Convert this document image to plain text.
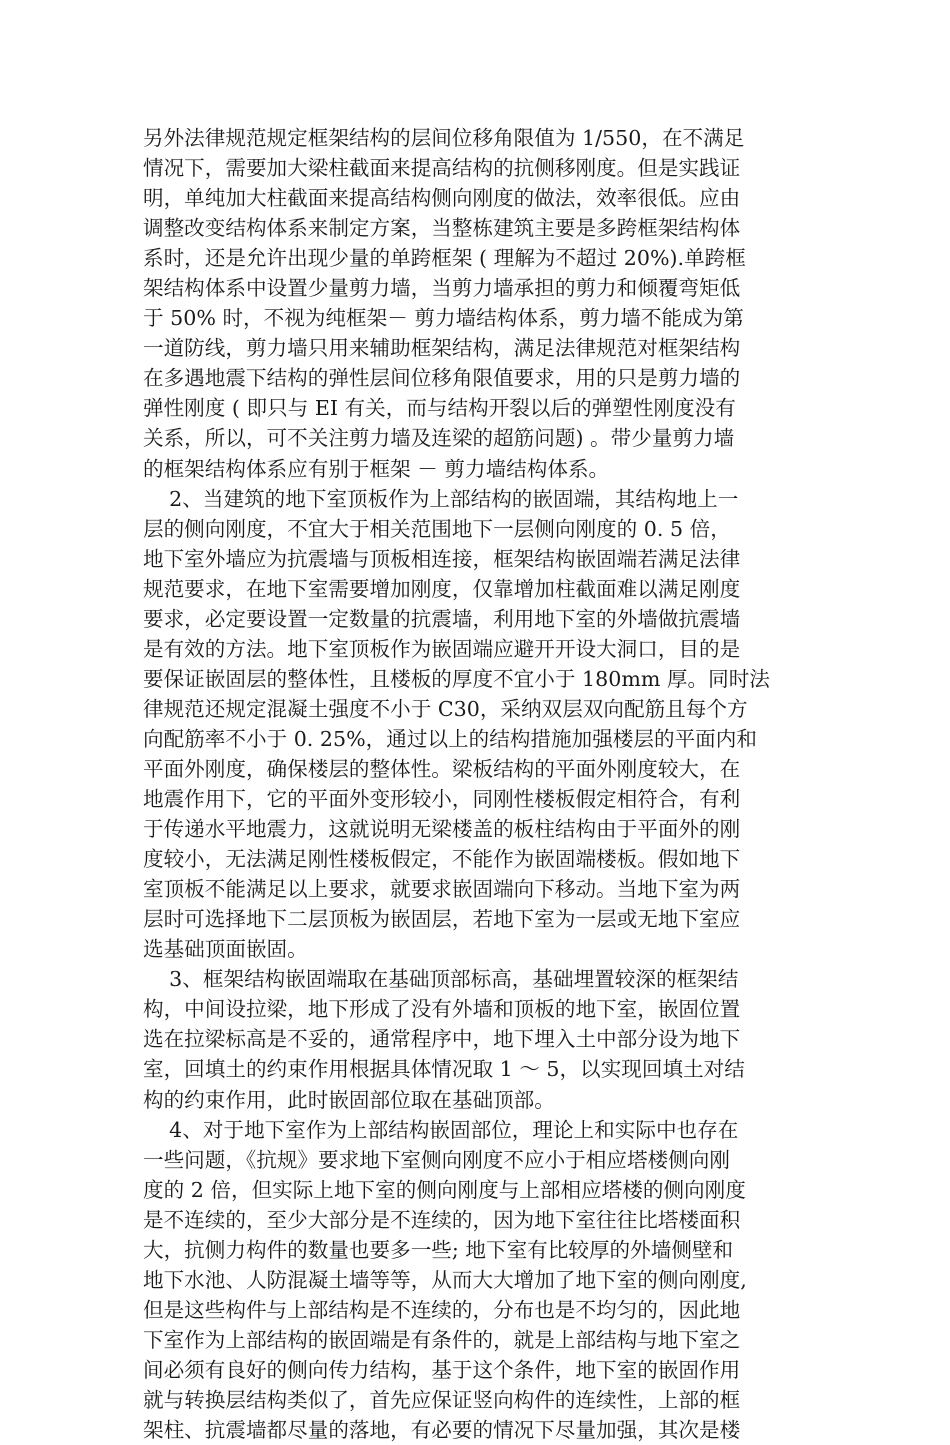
另外法律规范规定框架结构的层间位移角限值为 1/550，在不满足
情况下，需要加大梁柱截面来提高结构的抗侧移刚度。但是实践证
明，单纯加大柱截面来提高结构侧向刚度的做法，效率很低。应由
调整改变结构体系来制定方案，当整栋建筑主要是多跨框架结构体
系时，还是允许出现少量的单跨框架 ( 理解为不超过 20%).单跨框
架结构体系中设置少量剪力墙，当剪力墙承担的剪力和倾覆弯矩低
于 50% 时，不视为纯框架－ 剪力墙结构体系，剪力墙不能成为第
一道防线，剪力墙只用来辅助框架结构，满足法律规范对框架结构
在多遇地震下结构的弹性层间位移角限值要求，用的只是剪力墙的
弹性刚度 ( 即只与 EI 有关，而与结构开裂以后的弹塑性刚度没有
关系，所以，可不关注剪力墙及连梁的超筋问题) 。带少量剪力墙
的框架结构体系应有别于框架 － 剪力墙结构体系。
2、当建筑的地下室顶板作为上部结构的嵌固端，其结构地上一
层的侧向刚度，不宜大于相关范围地下一层侧向刚度的 0. 5 倍，
地下室外墙应为抗震墙与顶板相连接，框架结构嵌固端若满足法律
规范要求，在地下室需要增加刚度，仅靠增加柱截面难以满足刚度
要求，必定要设置一定数量的抗震墙，利用地下室的外墙做抗震墙
是有效的方法。地下室顶板作为嵌固端应避开开设大洞口，目的是
要保证嵌固层的整体性，且楼板的厚度不宜小于 180mm 厚。同时法
律规范还规定混凝土强度不小于 C30，采纳双层双向配筋且每个方
向配筋率不小于 0. 25%，通过以上的结构措施加强楼层的平面内和
平面外刚度，确保楼层的整体性。梁板结构的平面外刚度较大，在
地震作用下，它的平面外变形较小，同刚性楼板假定相符合，有利
于传递水平地震力，这就说明无梁楼盖的板柱结构由于平面外的刚
度较小，无法满足刚性楼板假定，不能作为嵌固端楼板。假如地下
室顶板不能满足以上要求，就要求嵌固端向下移动。当地下室为两
层时可选择地下二层顶板为嵌固层，若地下室为一层或无地下室应
选基础顶面嵌固。
3、框架结构嵌固端取在基础顶部标高，基础埋置较深的框架结
构，中间设拉梁，地下形成了没有外墙和顶板的地下室，嵌固位置
选在拉梁标高是不妥的，通常程序中，地下埋入土中部分设为地下
室，回填土的约束作用根据具体情况取 1 ～ 5，以实现回填土对结
构的约束作用，此时嵌固部位取在基础顶部。
4、对于地下室作为上部结构嵌固部位，理论上和实际中也存在
一些问题，《抗规》要求地下室侧向刚度不应小于相应塔楼侧向刚
度的 2 倍，但实际上地下室的侧向刚度与上部相应塔楼的侧向刚度
是不连续的，至少大部分是不连续的，因为地下室往往比塔楼面积
大，抗侧力构件的数量也要多一些; 地下室有比较厚的外墙侧壁和
地下水池、人防混凝土墙等等，从而大大增加了地下室的侧向刚度,
但是这些构件与上部结构是不连续的，分布也是不均匀的，因此地
下室作为上部结构的嵌固端是有条件的，就是上部结构与地下室之
间必须有良好的侧向传力结构，基于这个条件，地下室的嵌固作用
就与转换层结构类似了，首先应保证竖向构件的连续性，上部的框
架柱、抗震墙都尽量的落地，有必要的情况下尽量加强，其次是楼
